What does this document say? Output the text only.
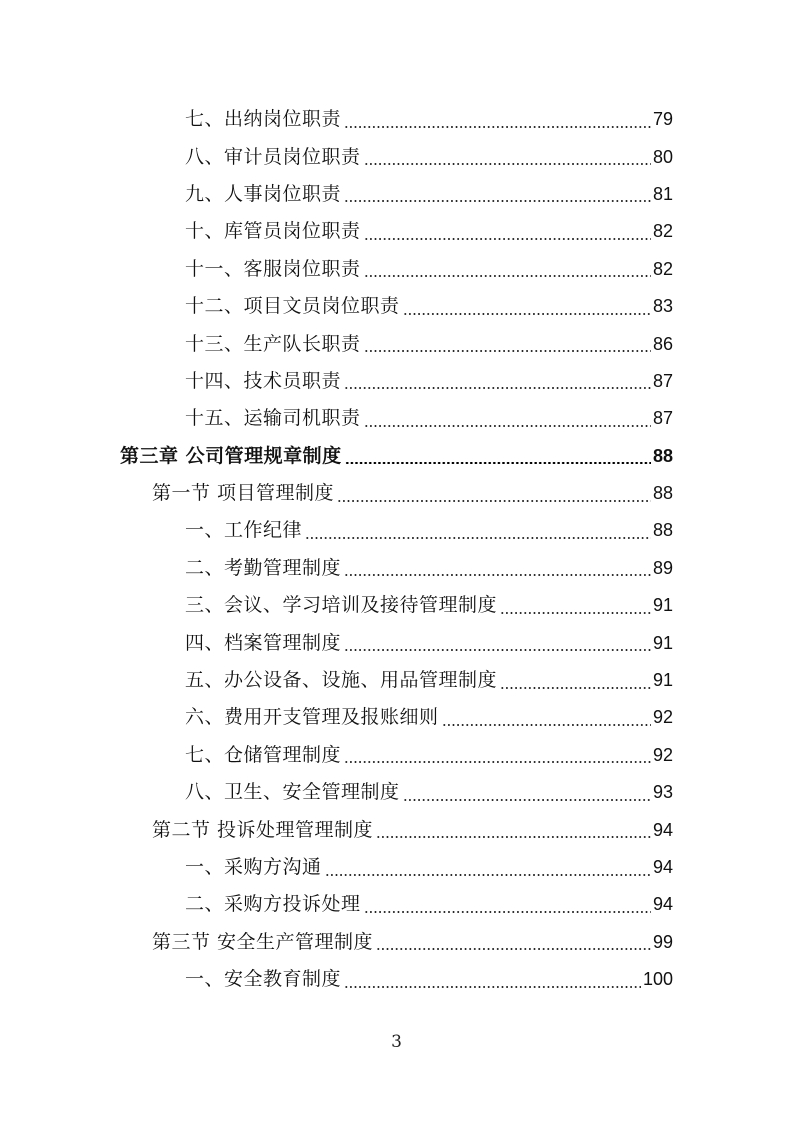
七、出纳岗位职责	79
八、审计员岗位职责	80
九、人事岗位职责	81
十、库管员岗位职责	82
十一、客服岗位职责	82
十二、项目文员岗位职责	83
十三、生产队长职责	86
十四、技术员职责	87
十五、运输司机职责	87
第三章 公司管理规章制度	88
第一节 项目管理制度	88
一、工作纪律	88
二、考勤管理制度	89
三、会议、学习培训及接待管理制度	91
四、档案管理制度	91
五、办公设备、设施、用品管理制度	91
六、费用开支管理及报账细则	92
七、仓储管理制度	92
八、卫生、安全管理制度	93
第二节 投诉处理管理制度	94
一、采购方沟通	94
二、采购方投诉处理	94
第三节 安全生产管理制度	99
一、安全教育制度	100
3
